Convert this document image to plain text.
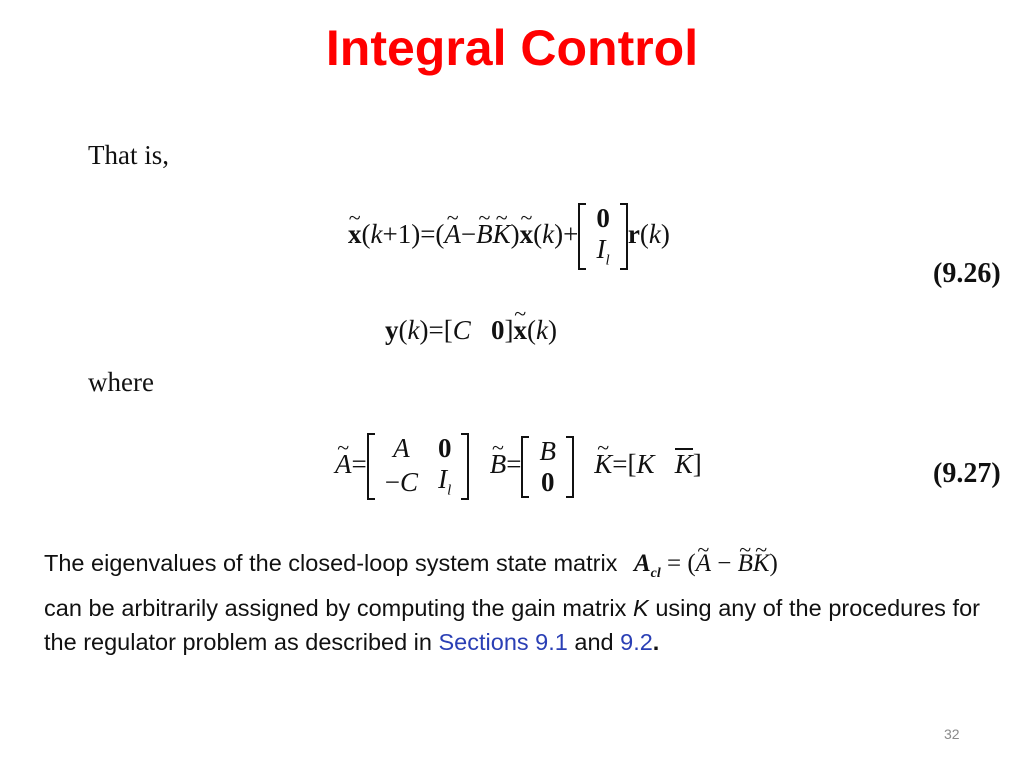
Integral Control
That is,
~ x(k+1)=(~ A−~ B~ K)~ x(k)+
0
$I_l$
r(k)
(9.26)
y(k)=[C 0]~ x(k)
where
~ A=
A	0
−C	$I_l$
~ B= B
0
~ K=[K K]	(9.27)
The eigenvalues of the closed-loop system state matrix $A_{cl}$ = (~ A − ~ B~ K)
can be arbitrarily assigned by computing the gain matrix K using any of the procedures for the regulator problem as described in Sections 9.1 and 9.2.
32
